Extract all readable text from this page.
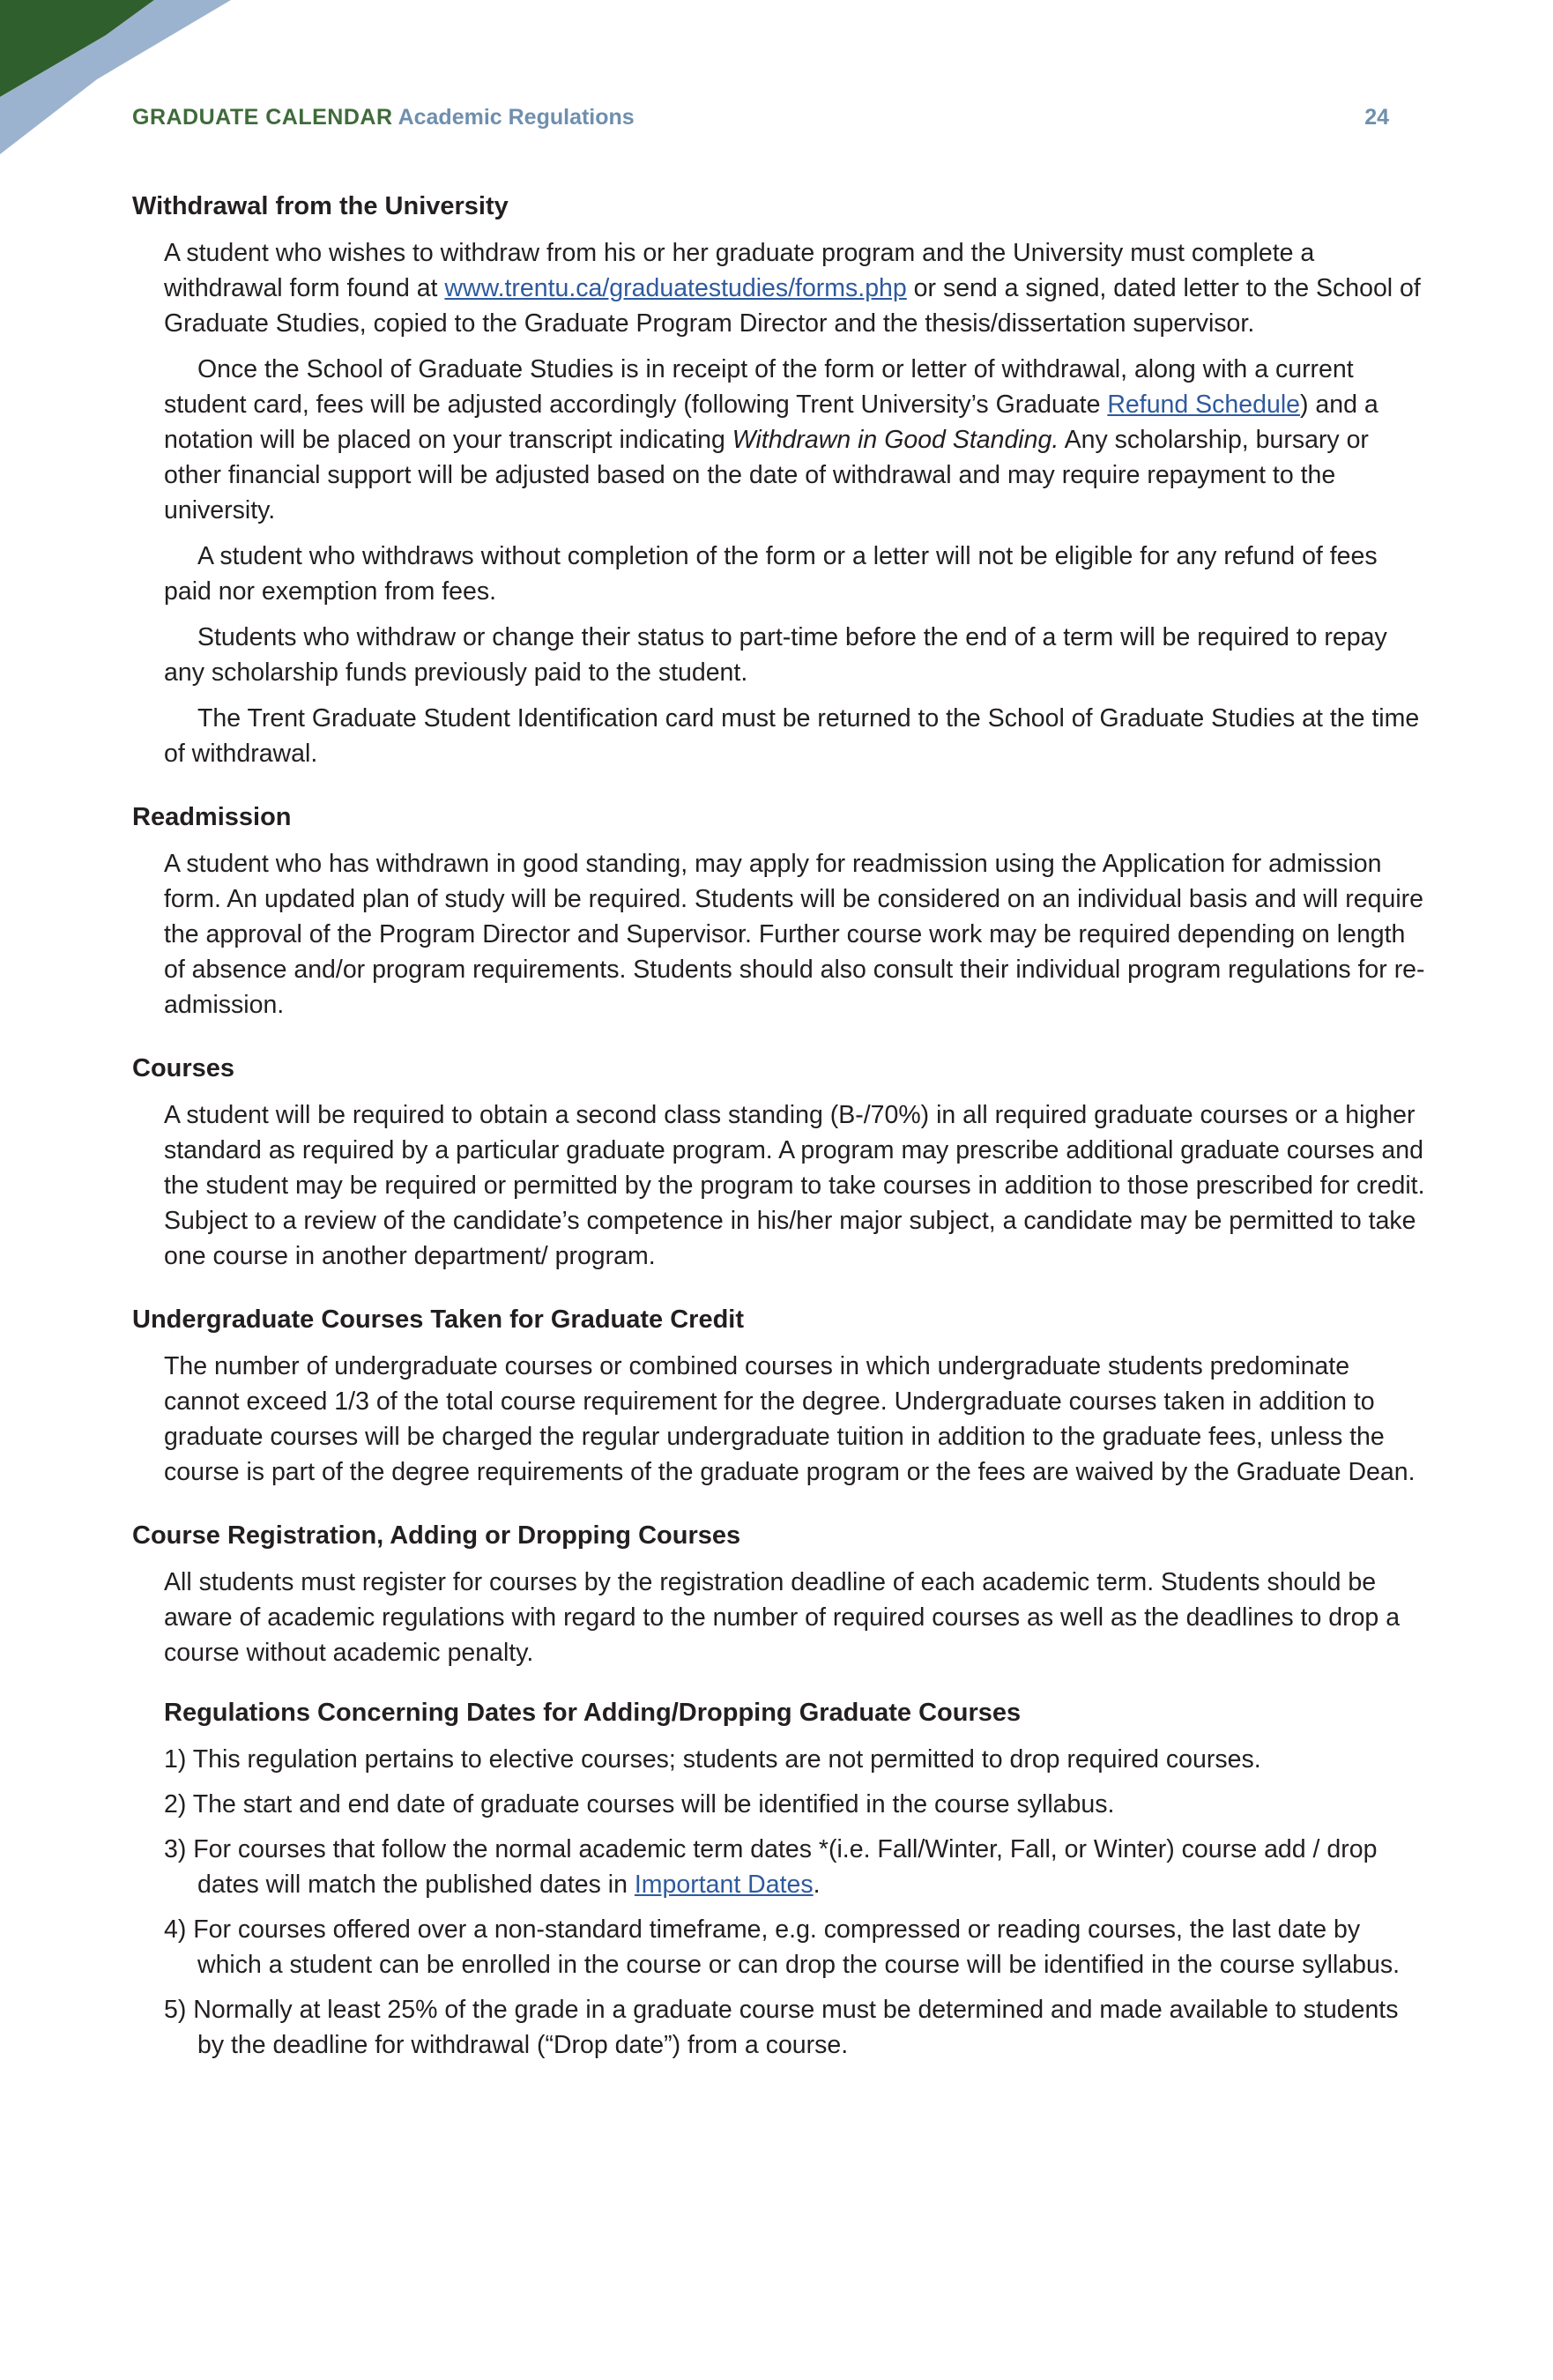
GRADUATE CALENDAR Academic Regulations	24
Withdrawal from the University

A student who wishes to withdraw from his or her graduate program and the University must complete a withdrawal form found at www.trentu.ca/graduatestudies/forms.php or send a signed, dated letter to the School of Graduate Studies, copied to the Graduate Program Director and the thesis/dissertation supervisor.

Once the School of Graduate Studies is in receipt of the form or letter of withdrawal, along with a current student card, fees will be adjusted accordingly (following Trent University’s Graduate Refund Schedule) and a notation will be placed on your transcript indicating Withdrawn in Good Standing. Any scholarship, bursary or other financial support will be adjusted based on the date of withdrawal and may require repayment to the university.

A student who withdraws without completion of the form or a letter will not be eligible for any refund of fees paid nor exemption from fees.

Students who withdraw or change their status to part-time before the end of a term will be required to repay any scholarship funds previously paid to the student.

The Trent Graduate Student Identification card must be returned to the School of Graduate Studies at the time of withdrawal.

Readmission

A student who has withdrawn in good standing, may apply for readmission using the Application for admission form. An updated plan of study will be required. Students will be considered on an individual basis and will require the approval of the Program Director and Supervisor. Further course work may be required depending on length of absence and/or program requirements. Students should also consult their individual program regulations for re-admission.

Courses

A student will be required to obtain a second class standing (B-/70%) in all required graduate courses or a higher standard as required by a particular graduate program. A program may prescribe additional graduate courses and the student may be required or permitted by the program to take courses in addition to those prescribed for credit. Subject to a review of the candidate’s competence in his/her major subject, a candidate may be permitted to take one course in another department/ program.

Undergraduate Courses Taken for Graduate Credit

The number of undergraduate courses or combined courses in which undergraduate students predominate cannot exceed 1/3 of the total course requirement for the degree. Undergraduate courses taken in addition to graduate courses will be charged the regular undergraduate tuition in addition to the graduate fees, unless the course is part of the degree requirements of the graduate program or the fees are waived by the Graduate Dean.

Course Registration, Adding or Dropping Courses

All students must register for courses by the registration deadline of each academic term. Students should be aware of academic regulations with regard to the number of required courses as well as the deadlines to drop a course without academic penalty.

Regulations Concerning Dates for Adding/Dropping Graduate Courses
1) This regulation pertains to elective courses; students are not permitted to drop required courses.
2) The start and end date of graduate courses will be identified in the course syllabus.
3) For courses that follow the normal academic term dates *(i.e. Fall/Winter, Fall, or Winter) course add / drop dates will match the published dates in Important Dates.
4) For courses offered over a non-standard timeframe, e.g. compressed or reading courses, the last date by which a student can be enrolled in the course or can drop the course will be identified in the course syllabus.
5) Normally at least 25% of the grade in a graduate course must be determined and made available to students by the deadline for withdrawal (“Drop date”) from a course.
